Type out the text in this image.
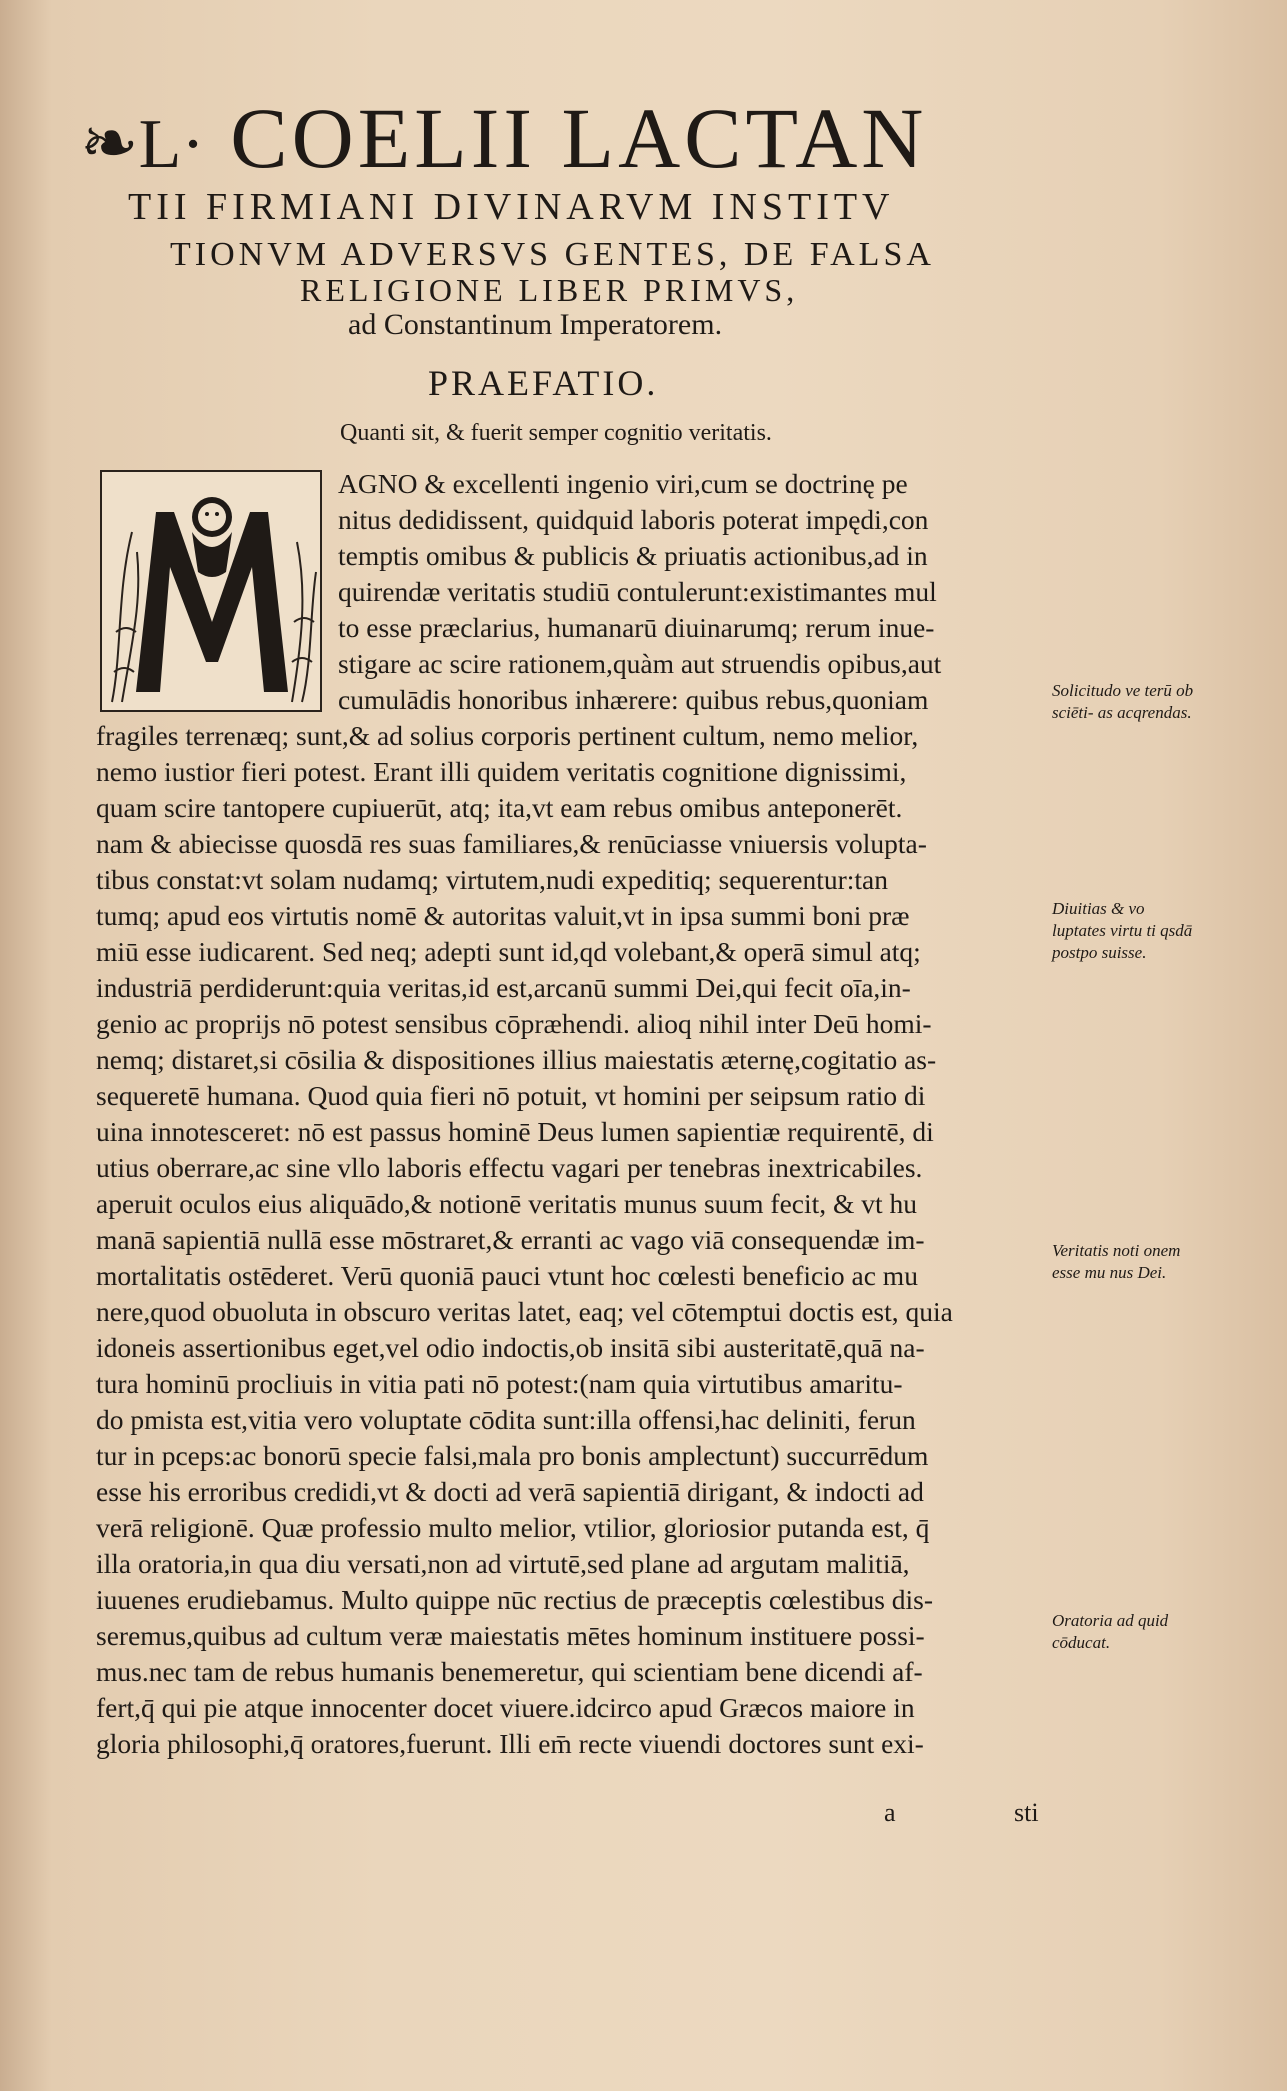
❧L· COELII LACTAN
TII FIRMIANI DIVINARVM INSTITV
TIONVM ADVERSVS GENTES, DE FALSA
RELIGIONE LIBER PRIMVS,
ad Constantinum Imperatorem.
PRAEFATIO.
Quanti sit, & fuerit semper cognitio veritatis.
AGNO & excellenti ingenio viri,cum se doctrinę pe
nitus dedidissent, quidquid laboris poterat impędi,con
temptis omibus & publicis & priuatis actionibus,ad in
quirendæ veritatis studiū contulerunt:existimantes mul
to esse præclarius, humanarū diuinarumq; rerum inue-
stigare ac scire rationem,quàm aut struendis opibus,aut
cumulādis honoribus inhærere: quibus rebus,quoniam
fragiles terrenæq; sunt,& ad solius corporis pertinent cultum, nemo melior,
nemo iustior fieri potest. Erant illi quidem veritatis cognitione dignissimi,
quam scire tantopere cupiuerūt, atq; ita,vt eam rebus omibus anteponerēt.
nam & abiecisse quosdā res suas familiares,& renūciasse vniuersis volupta-
tibus constat:vt solam nudamq; virtutem,nudi expeditiq; sequerentur:tan
tumq; apud eos virtutis nomē & autoritas valuit,vt in ipsa summi boni præ
miū esse iudicarent. Sed neq; adepti sunt id,qd volebant,& operā simul atq;
industriā perdiderunt:quia veritas,id est,arcanū summi Dei,qui fecit oīa,in-
genio ac proprijs nō potest sensibus cōpræhendi. alioq nihil inter Deū homi-
nemq; distaret,si cōsilia & dispositiones illius maiestatis æternę,cogitatio as-
sequeretē humana. Quod quia fieri nō potuit, vt homini per seipsum ratio di
uina innotesceret: nō est passus hominē Deus lumen sapientiæ requirentē, di
utius oberrare,ac sine vllo laboris effectu vagari per tenebras inextricabiles.
aperuit oculos eius aliquādo,& notionē veritatis munus suum fecit, & vt hu
manā sapientiā nullā esse mōstraret,& erranti ac vago viā consequendæ im-
mortalitatis ostēderet. Verū quoniā pauci vtunt hoc cœlesti beneficio ac mu
nere,quod obuoluta in obscuro veritas latet, eaq; vel cōtemptui doctis est, quia
idoneis assertionibus eget,vel odio indoctis,ob insitā sibi austeritatē,quā na-
tura hominū procliuis in vitia pati nō potest:(nam quia virtutibus amaritu-
do pmista est,vitia vero voluptate cōdita sunt:illa offensi,hac deliniti, ferun
tur in pceps:ac bonorū specie falsi,mala pro bonis amplectunt) succurrēdum
esse his erroribus credidi,vt & docti ad verā sapientiā dirigant, & indocti ad
verā religionē. Quæ professio multo melior, vtilior, gloriosior putanda est, q̄
illa oratoria,in qua diu versati,non ad virtutē,sed plane ad argutam malitiā,
iuuenes erudiebamus. Multo quippe nūc rectius de præceptis cœlestibus dis-
seremus,quibus ad cultum veræ maiestatis mētes hominum instituere possi-
mus.nec tam de rebus humanis benemeretur, qui scientiam bene dicendi af-
fert,q̄ qui pie atque innocenter docet viuere.idcirco apud Græcos maiore in
gloria philosophi,q̄ oratores,fuerunt. Illi em̄ recte viuendi doctores sunt exi-
Solicitudo ve terū ob sciēti- as acqrendas.
Diuitias & vo luptates virtu ti qsdā postpo suisse.
Veritatis noti onem esse mu nus Dei.
Oratoria ad quid cōducat.
a	sti
